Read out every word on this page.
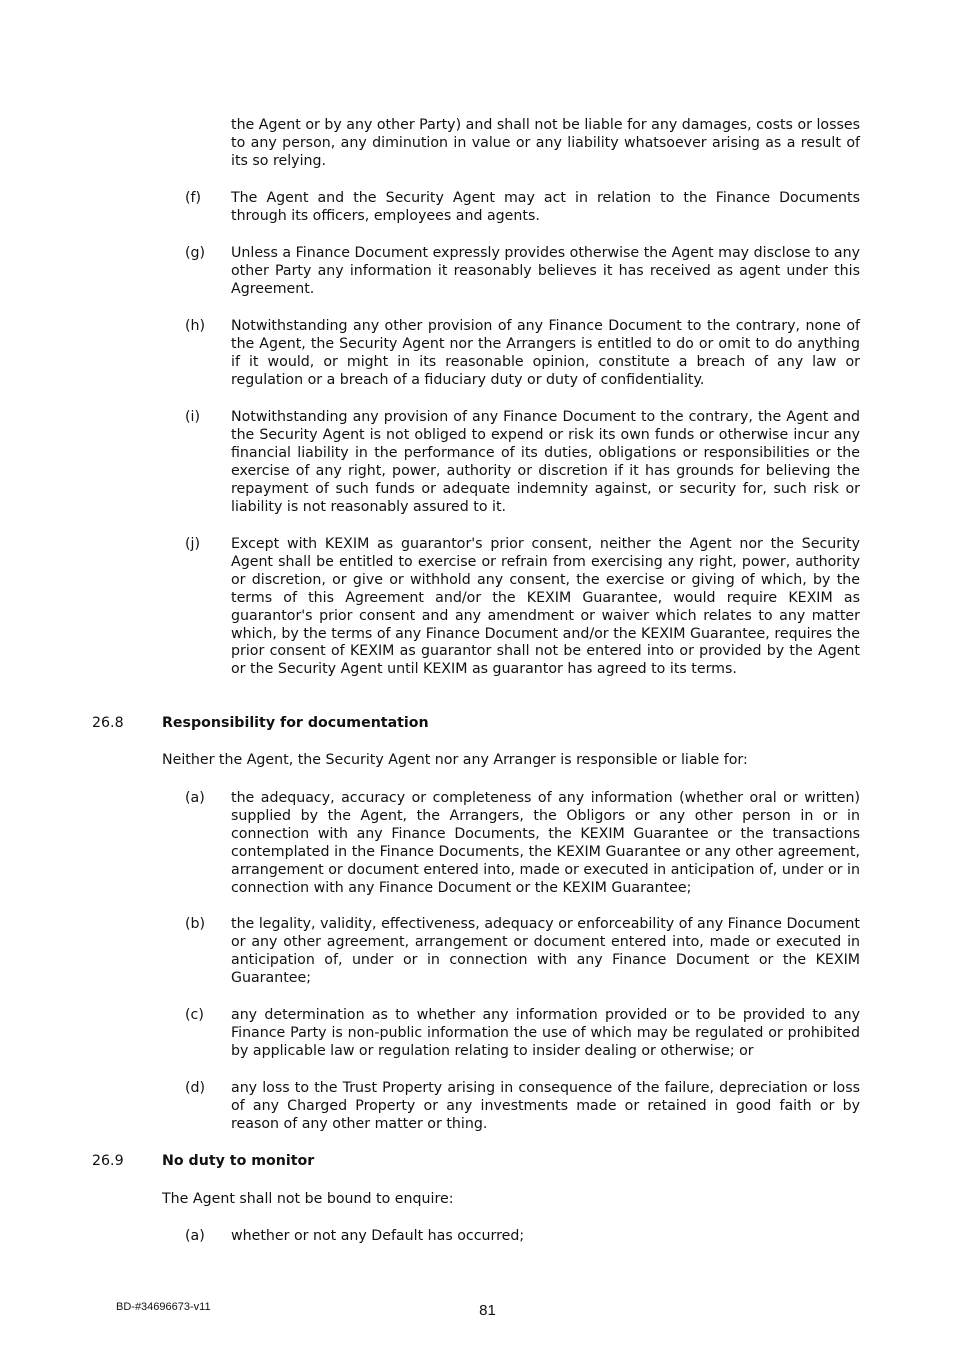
the Agent or by any other Party) and shall not be liable for any damages, costs or losses to any person, any diminution in value or any liability whatsoever arising as a result of its so relying.

(f) The Agent and the Security Agent may act in relation to the Finance Documents through its officers, employees and agents.

(g) Unless a Finance Document expressly provides otherwise the Agent may disclose to any other Party any information it reasonably believes it has received as agent under this Agreement.

(h) Notwithstanding any other provision of any Finance Document to the contrary, none of the Agent, the Security Agent nor the Arrangers is entitled to do or omit to do anything if it would, or might in its reasonable opinion, constitute a breach of any law or regulation or a breach of a fiduciary duty or duty of confidentiality.

(i) Notwithstanding any provision of any Finance Document to the contrary, the Agent and the Security Agent is not obliged to expend or risk its own funds or otherwise incur any financial liability in the performance of its duties, obligations or responsibilities or the exercise of any right, power, authority or discretion if it has grounds for believing the repayment of such funds or adequate indemnity against, or security for, such risk or liability is not reasonably assured to it.

(j) Except with KEXIM as guarantor's prior consent, neither the Agent nor the Security Agent shall be entitled to exercise or refrain from exercising any right, power, authority or discretion, or give or withhold any consent, the exercise or giving of which, by the terms of this Agreement and/or the KEXIM Guarantee, would require KEXIM as guarantor's prior consent and any amendment or waiver which relates to any matter which, by the terms of any Finance Document and/or the KEXIM Guarantee, requires the prior consent of KEXIM as guarantor shall not be entered into or provided by the Agent or the Security Agent until KEXIM as guarantor has agreed to its terms.

26.8	Responsibility for documentation

Neither the Agent, the Security Agent nor any Arranger is responsible or liable for:

(a) the adequacy, accuracy or completeness of any information (whether oral or written) supplied by the Agent, the Arrangers, the Obligors or any other person in or in connection with any Finance Documents, the KEXIM Guarantee or the transactions contemplated in the Finance Documents, the KEXIM Guarantee or any other agreement, arrangement or document entered into, made or executed in anticipation of, under or in connection with any Finance Document or the KEXIM Guarantee;

(b) the legality, validity, effectiveness, adequacy or enforceability of any Finance Document or any other agreement, arrangement or document entered into, made or executed in anticipation of, under or in connection with any Finance Document or the KEXIM Guarantee;

(c) any determination as to whether any information provided or to be provided to any Finance Party is non-public information the use of which may be regulated or prohibited by applicable law or regulation relating to insider dealing or otherwise; or

(d) any loss to the Trust Property arising in consequence of the failure, depreciation or loss of any Charged Property or any investments made or retained in good faith or by reason of any other matter or thing.

26.9	No duty to monitor

The Agent shall not be bound to enquire:

(a) whether or not any Default has occurred;

BD-#34696673-v11	81
